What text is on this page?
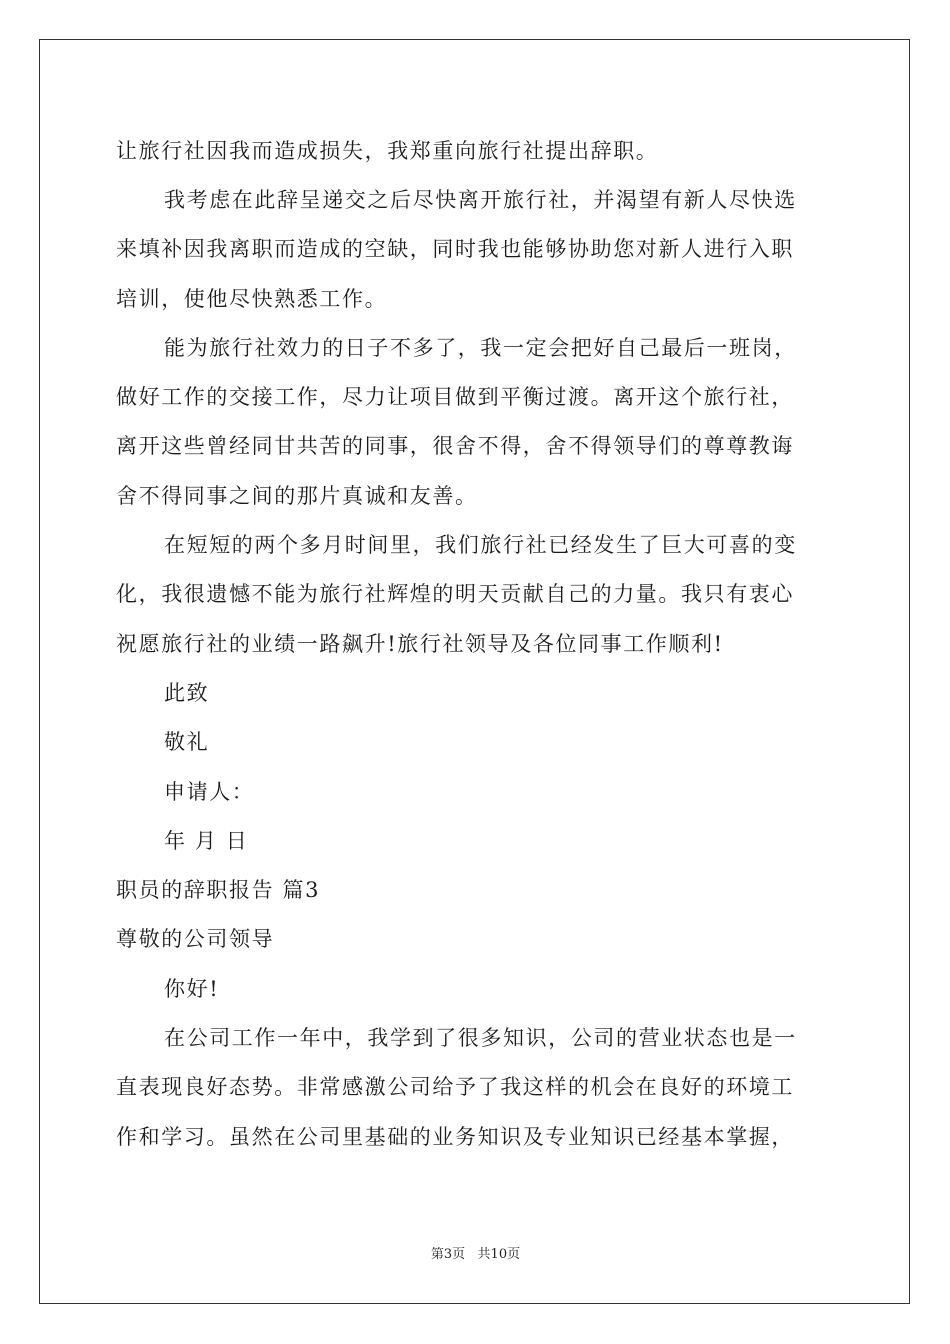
让旅行社因我而造成损失，我郑重向旅行社提出辞职。
我考虑在此辞呈递交之后尽快离开旅行社，并渴望有新人尽快选
来填补因我离职而造成的空缺，同时我也能够协助您对新人进行入职
培训，使他尽快熟悉工作。
能为旅行社效力的日子不多了，我一定会把好自己最后一班岗，
做好工作的交接工作，尽力让项目做到平衡过渡。离开这个旅行社，
离开这些曾经同甘共苦的同事，很舍不得，舍不得领导们的尊尊教诲
舍不得同事之间的那片真诚和友善。
在短短的两个多月时间里，我们旅行社已经发生了巨大可喜的变
化，我很遗憾不能为旅行社辉煌的明天贡献自己的力量。我只有衷心
祝愿旅行社的业绩一路飙升!旅行社领导及各位同事工作顺利!
此致
敬礼
申请人：
年 月 日
职员的辞职报告 篇3
尊敬的公司领导
你好!
在公司工作一年中，我学到了很多知识，公司的营业状态也是一
直表现良好态势。非常感激公司给予了我这样的机会在良好的环境工
作和学习。虽然在公司里基础的业务知识及专业知识已经基本掌握，
第3页   共10页
